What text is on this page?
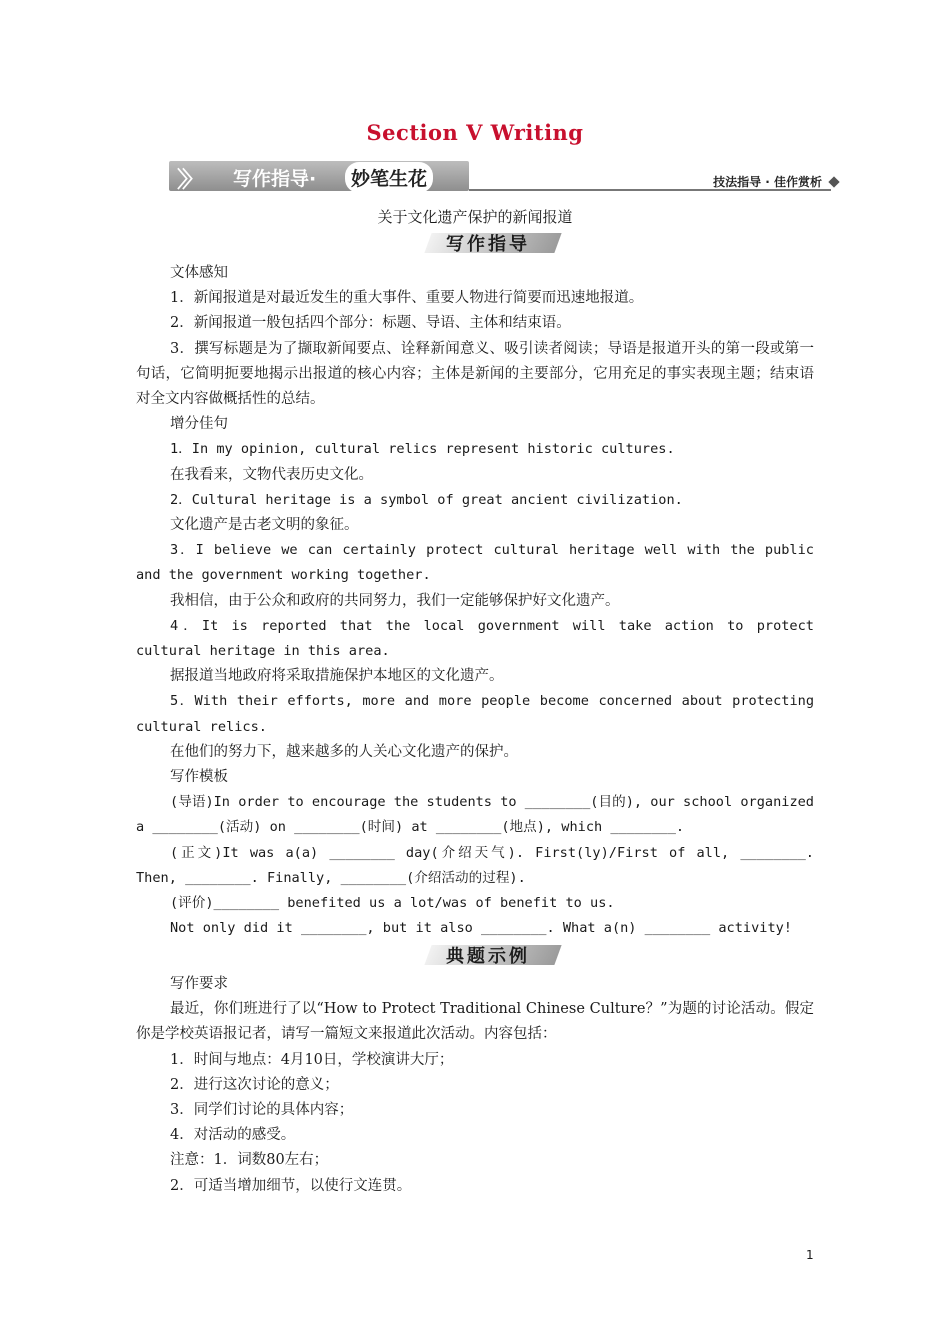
Section Ⅴ Writing
〉〉 写作指导·	妙笔生花	技法指导 · 佳作赏析
关于文化遗产保护的新闻报道
写作指导

文体感知

1．新闻报道是对最近发生的重大事件、重要人物进行简要而迅速地报道。

2．新闻报道一般包括四个部分：标题、导语、主体和结束语。

3．撰写标题是为了撷取新闻要点、诠释新闻意义、吸引读者阅读；导语是报道开头的第一段或第一句话，它简明扼要地揭示出报道的核心内容；主体是新闻的主要部分，它用充足的事实表现主题；结束语对全文内容做概括性的总结。

增分佳句

1．In my opinion, cultural relics represent historic cultures.

在我看来，文物代表历史文化。

2．Cultural heritage is a symbol of great ancient civilization.

文化遗产是古老文明的象征。

3．I believe we can certainly protect cultural heritage well with the public and the government working together.

我相信，由于公众和政府的共同努力，我们一定能够保护好文化遗产。

4．It is reported that the local government will take action to protect cultural heritage in this area.

据报道当地政府将采取措施保护本地区的文化遗产。

5．With their efforts, more and more people become concerned about protecting cultural relics.

在他们的努力下，越来越多的人关心文化遗产的保护。

写作模板

(导语)In order to encourage the students to ________(目的), our school organized a ________(活动) on ________(时间) at ________(地点), which ________.

(正文)It was a(a) ________ day(介绍天气). First(ly)/First of all, ________. Then, ________. Finally, ________(介绍活动的过程).

(评价)________ benefited us a lot/was of benefit to us.

Not only did it ________, but it also ________. What a(n) ________ activity!

典题示例

写作要求

最近，你们班进行了以“How to Protect Traditional Chinese Culture？”为题的讨论活动。假定你是学校英语报记者，请写一篇短文来报道此次活动。内容包括：

1．时间与地点：4月10日，学校演讲大厅；

2．进行这次讨论的意义；

3．同学们讨论的具体内容；

4．对活动的感受。

注意：1．词数80左右；

2．可适当增加细节，以使行文连贯。

1
